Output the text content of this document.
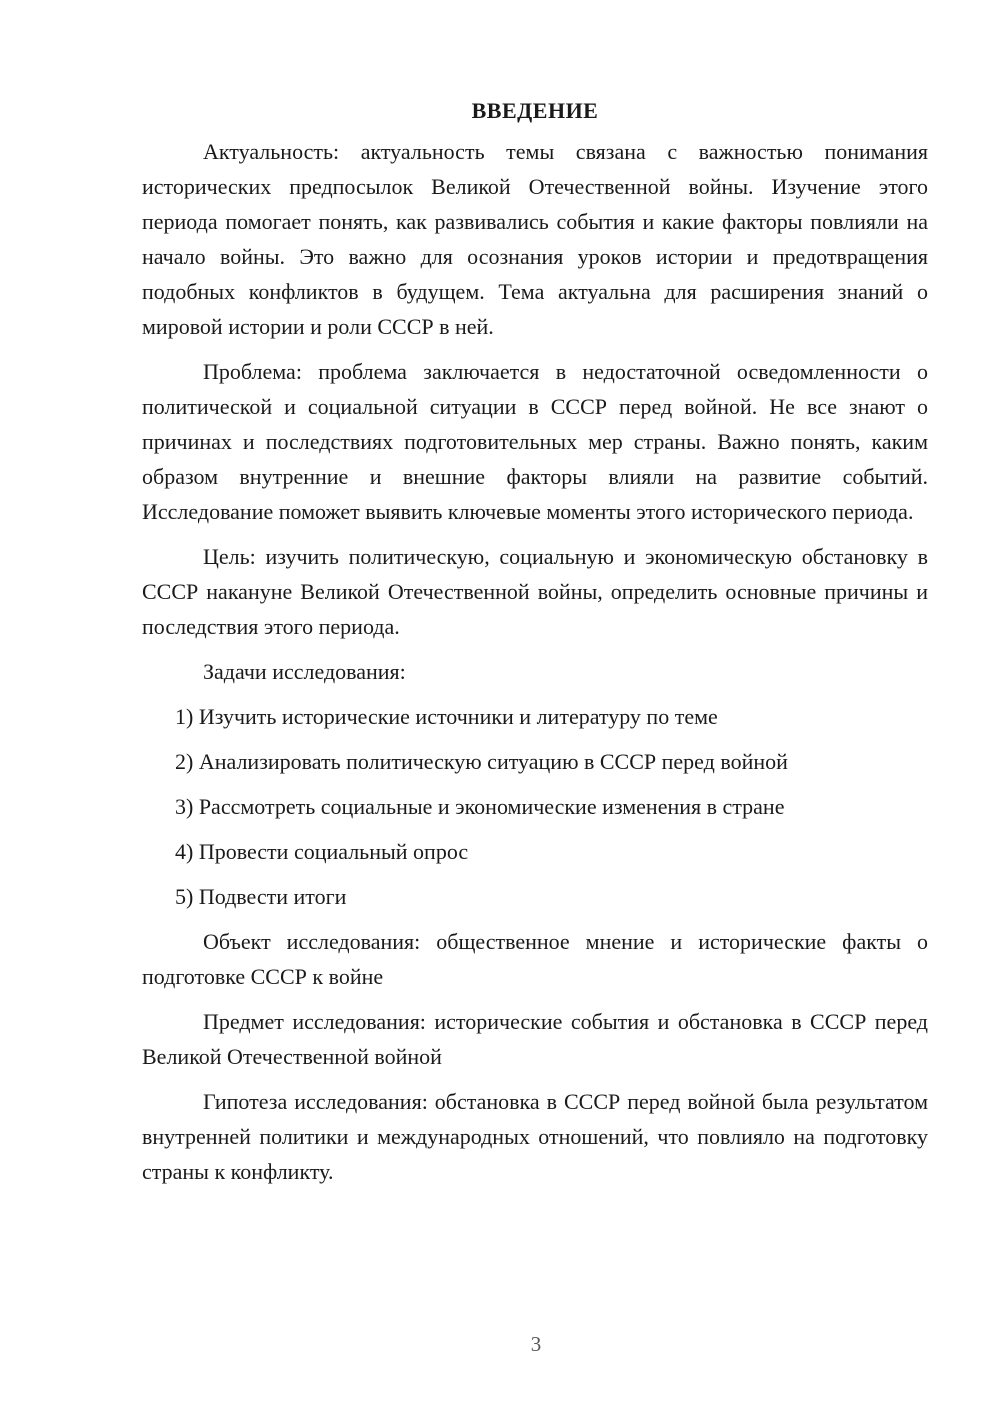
ВВЕДЕНИЕ

Актуальность: актуальность темы связана с важностью понимания исторических предпосылок Великой Отечественной войны. Изучение этого периода помогает понять, как развивались события и какие факторы повлияли на начало войны. Это важно для осознания уроков истории и предотвращения подобных конфликтов в будущем. Тема актуальна для расширения знаний о мировой истории и роли СССР в ней.

Проблема: проблема заключается в недостаточной осведомленности о политической и социальной ситуации в СССР перед войной. Не все знают о причинах и последствиях подготовительных мер страны. Важно понять, каким образом внутренние и внешние факторы влияли на развитие событий. Исследование поможет выявить ключевые моменты этого исторического периода.

Цель: изучить политическую, социальную и экономическую обстановку в СССР накануне Великой Отечественной войны, определить основные причины и последствия этого периода.

Задачи исследования:

1) Изучить исторические источники и литературу по теме
2) Анализировать политическую ситуацию в СССР перед войной
3) Рассмотреть социальные и экономические изменения в стране
4) Провести социальный опрос
5) Подвести итоги

Объект исследования: общественное мнение и исторические факты о подготовке СССР к войне

Предмет исследования: исторические события и обстановка в СССР перед Великой Отечественной войной

Гипотеза исследования: обстановка в СССР перед войной была результатом внутренней политики и международных отношений, что повлияло на подготовку страны к конфликту.

3
